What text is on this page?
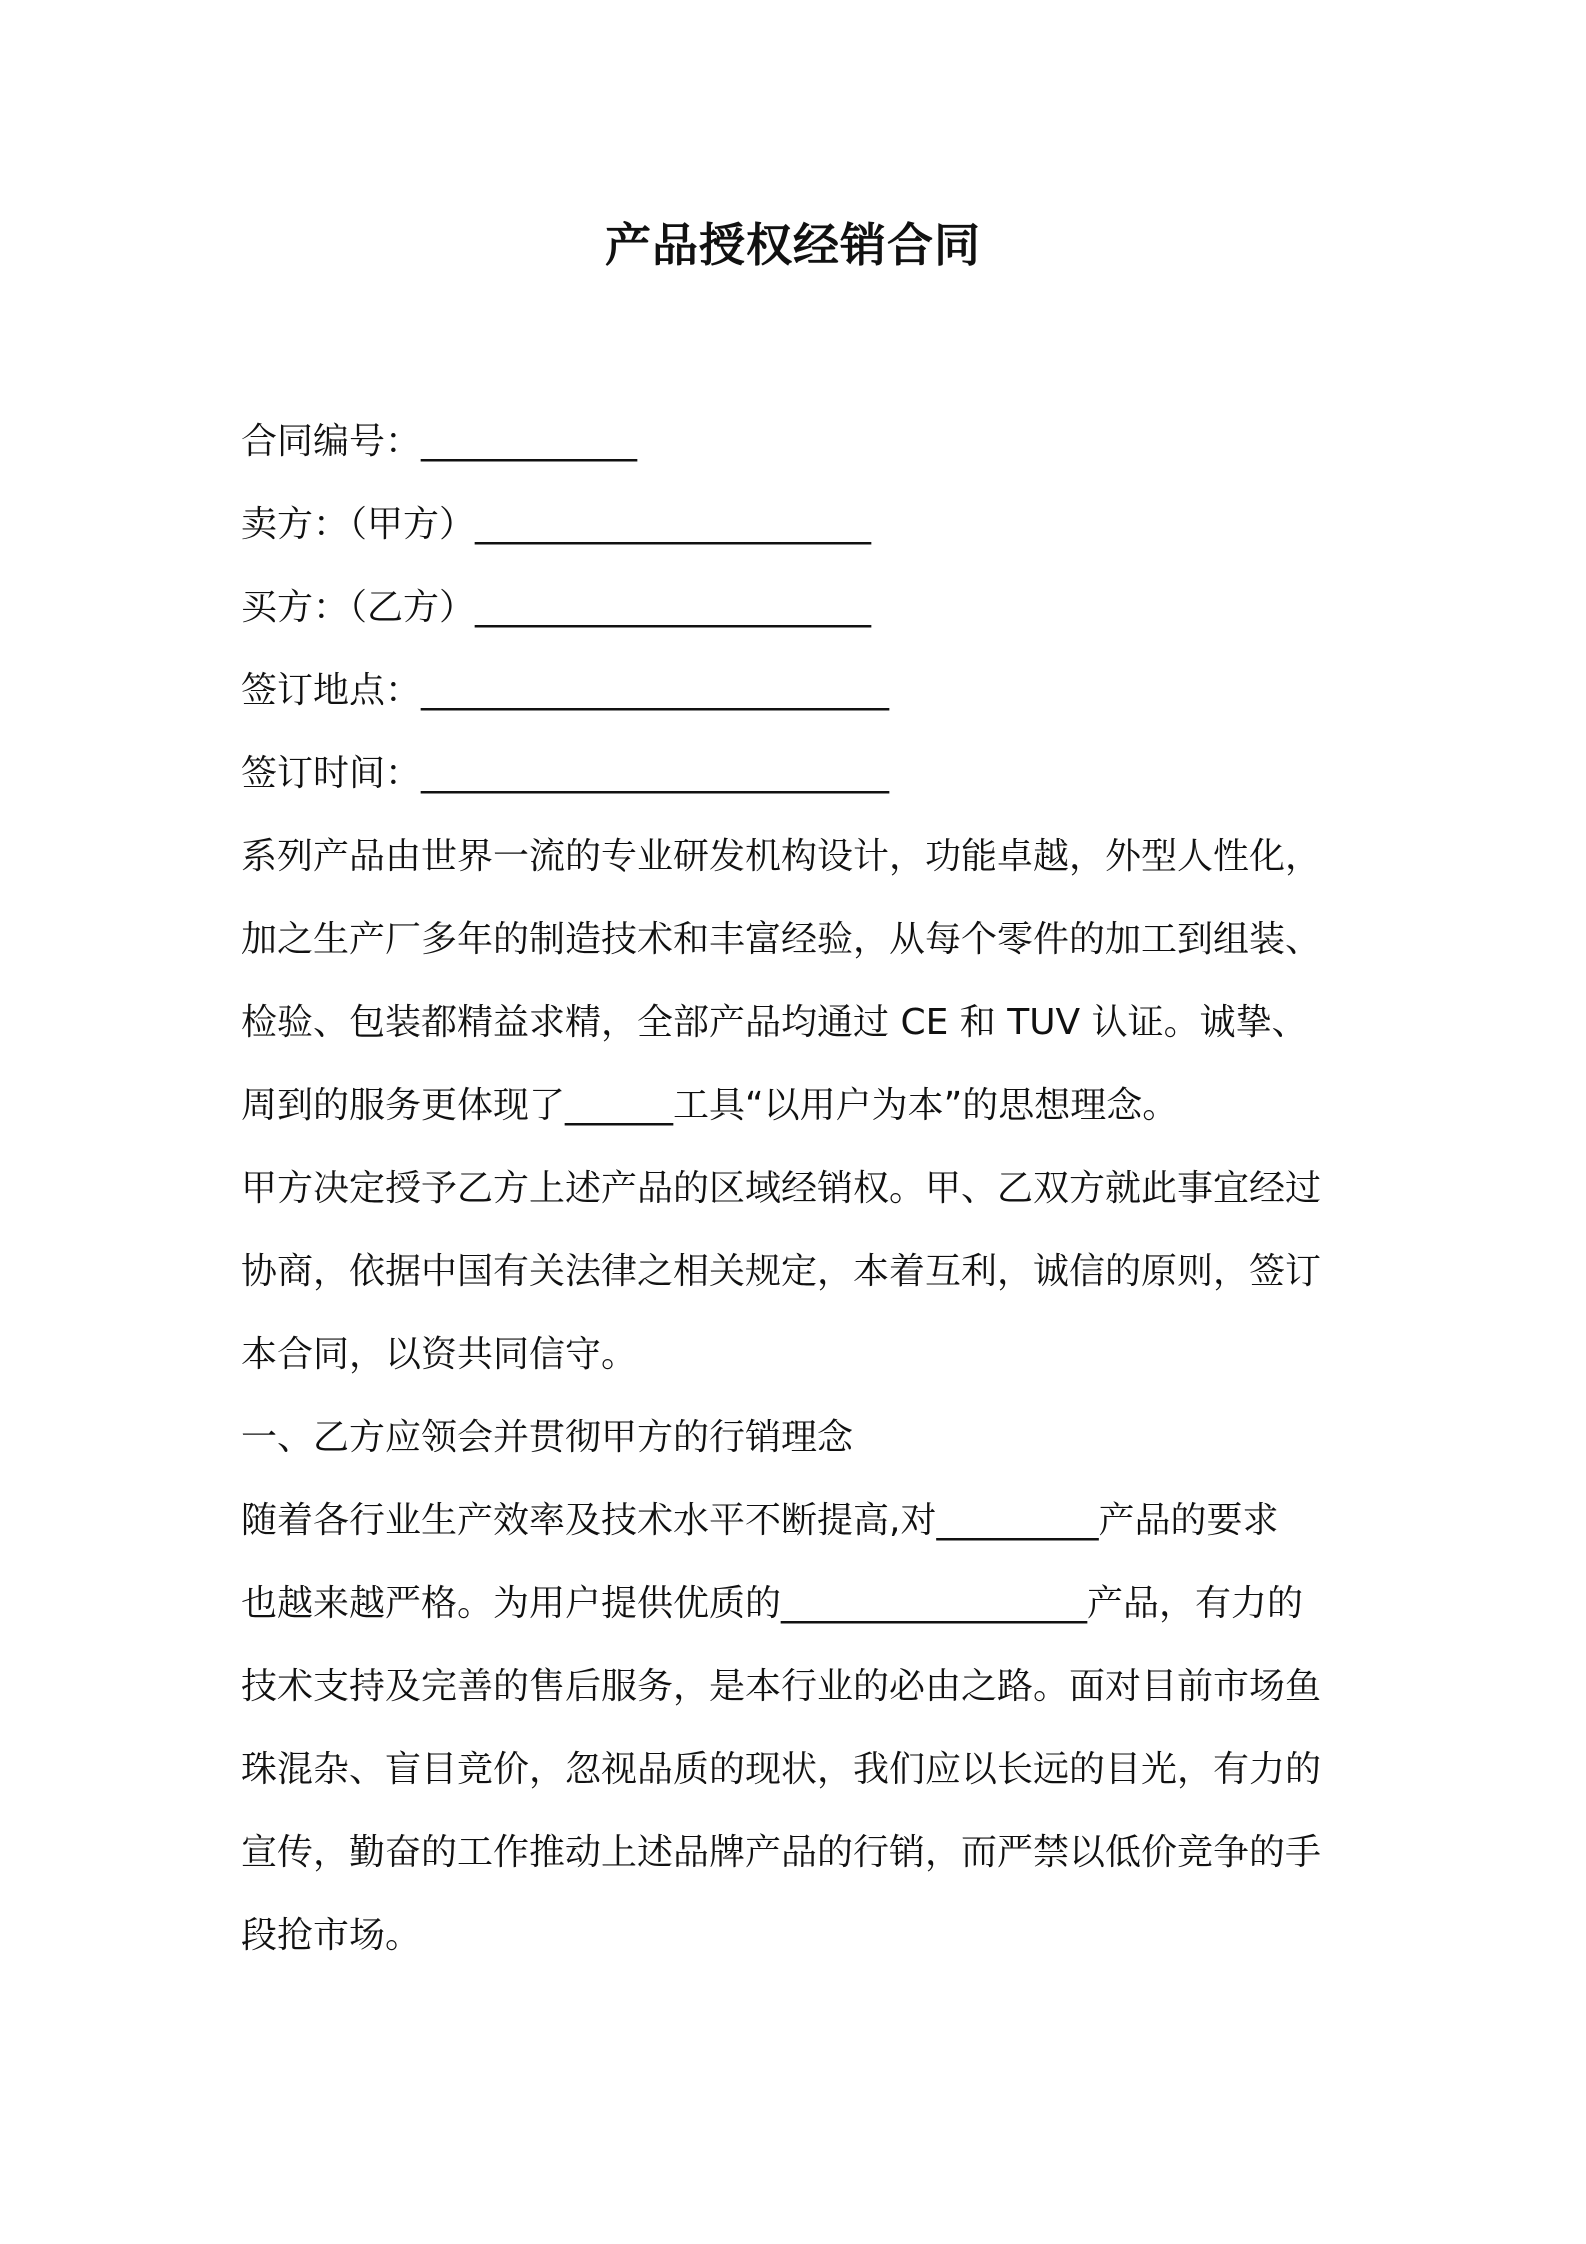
产品授权经销合同
合同编号：____________
卖方：（甲方）______________________
买方：（乙方）______________________
签订地点：__________________________
签订时间：__________________________
系列产品由世界一流的专业研发机构设计，功能卓越，外型人性化，
加之生产厂多年的制造技术和丰富经验，从每个零件的加工到组装、
检验、包装都精益求精，全部产品均通过 CE 和 TUV 认证。诚挚、
周到的服务更体现了______工具“以用户为本”的思想理念。
甲方决定授予乙方上述产品的区域经销权。甲、乙双方就此事宜经过
协商，依据中国有关法律之相关规定，本着互利，诚信的原则，签订
本合同，以资共同信守。
一、乙方应领会并贯彻甲方的行销理念
随着各行业生产效率及技术水平不断提高,对_________产品的要求
也越来越严格。为用户提供优质的_________________产品，有力的
技术支持及完善的售后服务，是本行业的必由之路。面对目前市场鱼
珠混杂、盲目竞价，忽视品质的现状，我们应以长远的目光，有力的
宣传，勤奋的工作推动上述品牌产品的行销，而严禁以低价竞争的手
段抢市场。
